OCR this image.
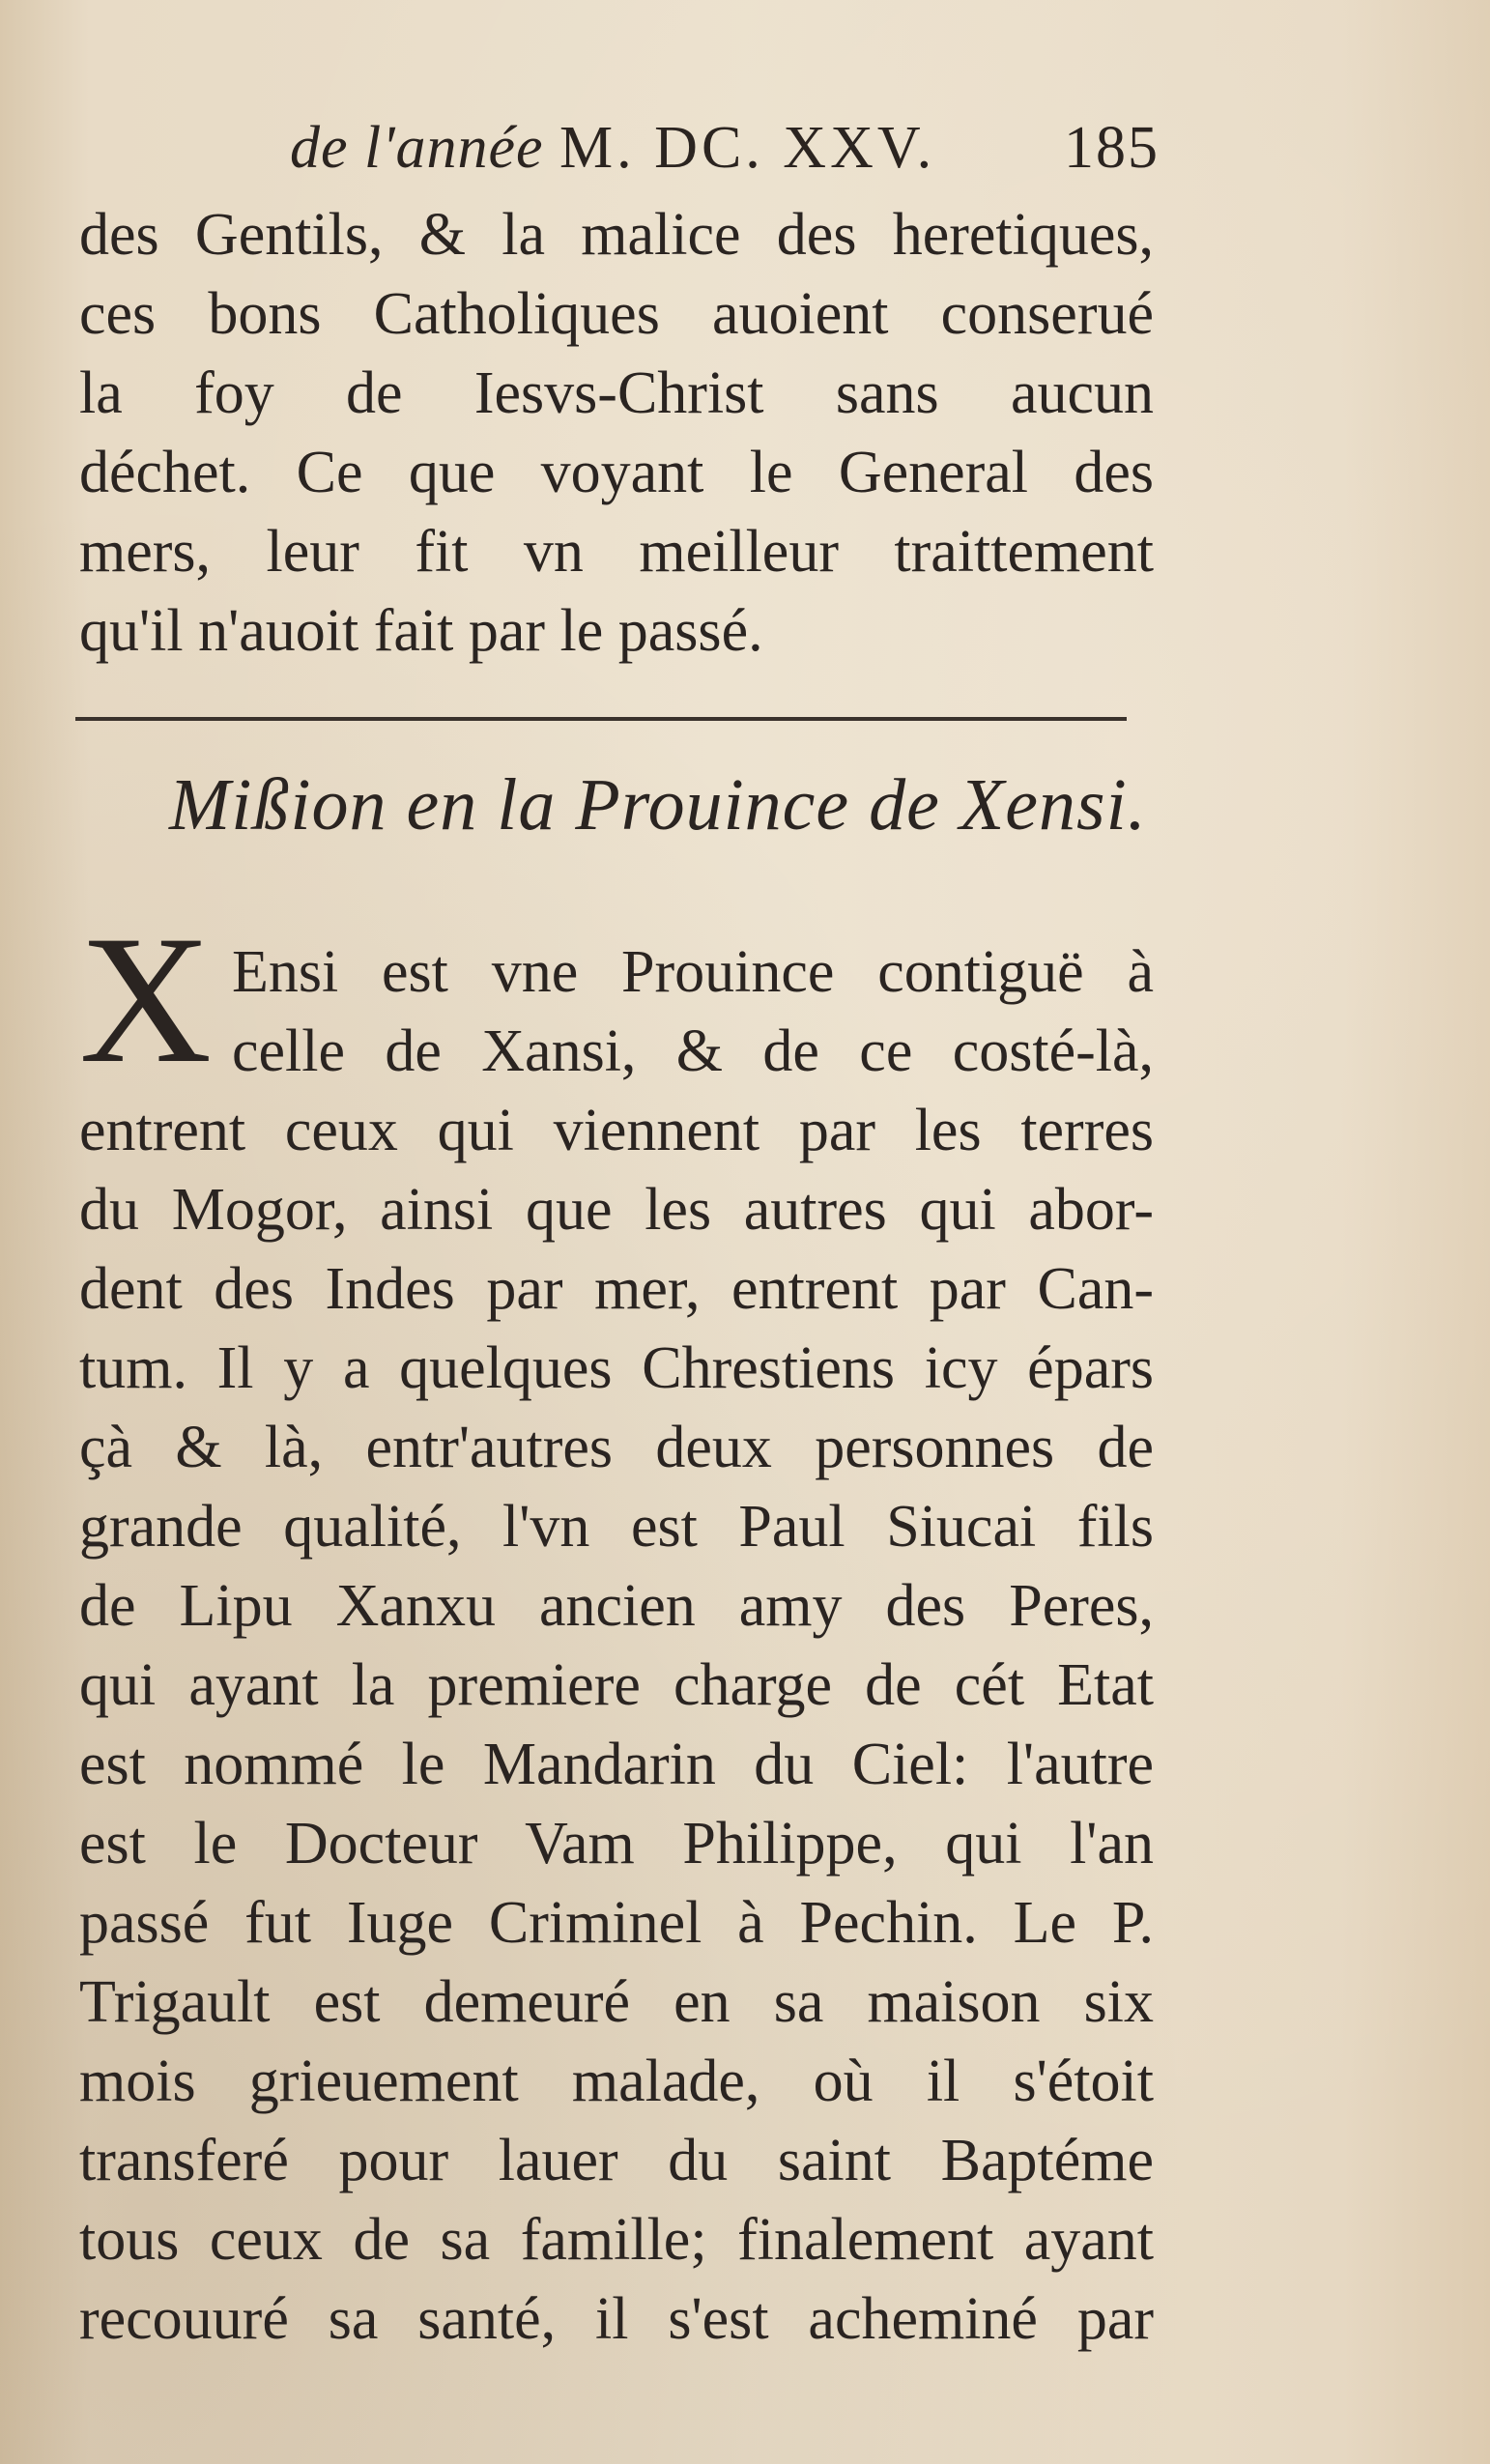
de l'année M. DC. XXV. 185
des Gentils, & la malice des heretiques,
ces bons Catholiques auoient conserué
la foy de Iesvs-Christ sans aucun
déchet. Ce que voyant le General des
mers, leur fit vn meilleur traittement
qu'il n'auoit fait par le passé.
Mißion en la Prouince de Xensi.
X Ensi est vne Prouince contiguë à
celle de Xansi, & de ce costé-là,
entrent ceux qui viennent par les terres
du Mogor, ainsi que les autres qui abor-
dent des Indes par mer, entrent par Can-
tum. Il y a quelques Chrestiens icy épars
çà & là, entr'autres deux personnes de
grande qualité, l'vn est Paul Siucai fils
de Lipu Xanxu ancien amy des Peres,
qui ayant la premiere charge de cét Etat
est nommé le Mandarin du Ciel: l'autre
est le Docteur Vam Philippe, qui l'an
passé fut Iuge Criminel à Pechin. Le P.
Trigault est demeuré en sa maison six
mois grieuement malade, où il s'étoit
transferé pour lauer du saint Baptéme
tous ceux de sa famille; finalement ayant
recouuré sa santé, il s'est acheminé par
